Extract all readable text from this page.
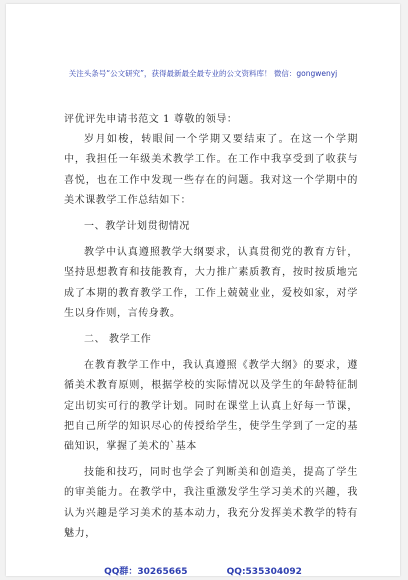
关注头条号“公文研究”，获得最新最全最专业的公文资料库！ 微信：gongwenyj

评优评先申请书范文 1 尊敬的领导：

岁月如梭，转眼间一个学期又要结束了。在这一个学期中，我担任一年级美术教学工作。在工作中我享受到了收获与喜悦，也在工作中发现一些存在的问题。我对这一个学期中的美术课教学工作总结如下：

一、教学计划贯彻情况

教学中认真遵照教学大纲要求，认真贯彻党的教育方针，坚持思想教育和技能教育，大力推广素质教育，按时按质地完成了本期的教育教学工作，工作上兢兢业业，爱校如家，对学生以身作则，言传身教。

二、 教学工作

在教育教学工作中，我认真遵照《教学大纲》的要求，遵循美术教育原则，根据学校的实际情况以及学生的年龄特征制定出切实可行的教学计划。同时在课堂上认真上好每一节课，把自己所学的知识尽心的传授给学生，使学生学到了一定的基础知识，掌握了美术的`基本

技能和技巧，同时也学会了判断美和创造美，提高了学生的审美能力。在教学中，我注重激发学生学习美术的兴趣，我认为兴趣是学习美术的基本动力，我充分发挥美术教学的特有魅力，

QQ群：30265665	QQ:535304092
